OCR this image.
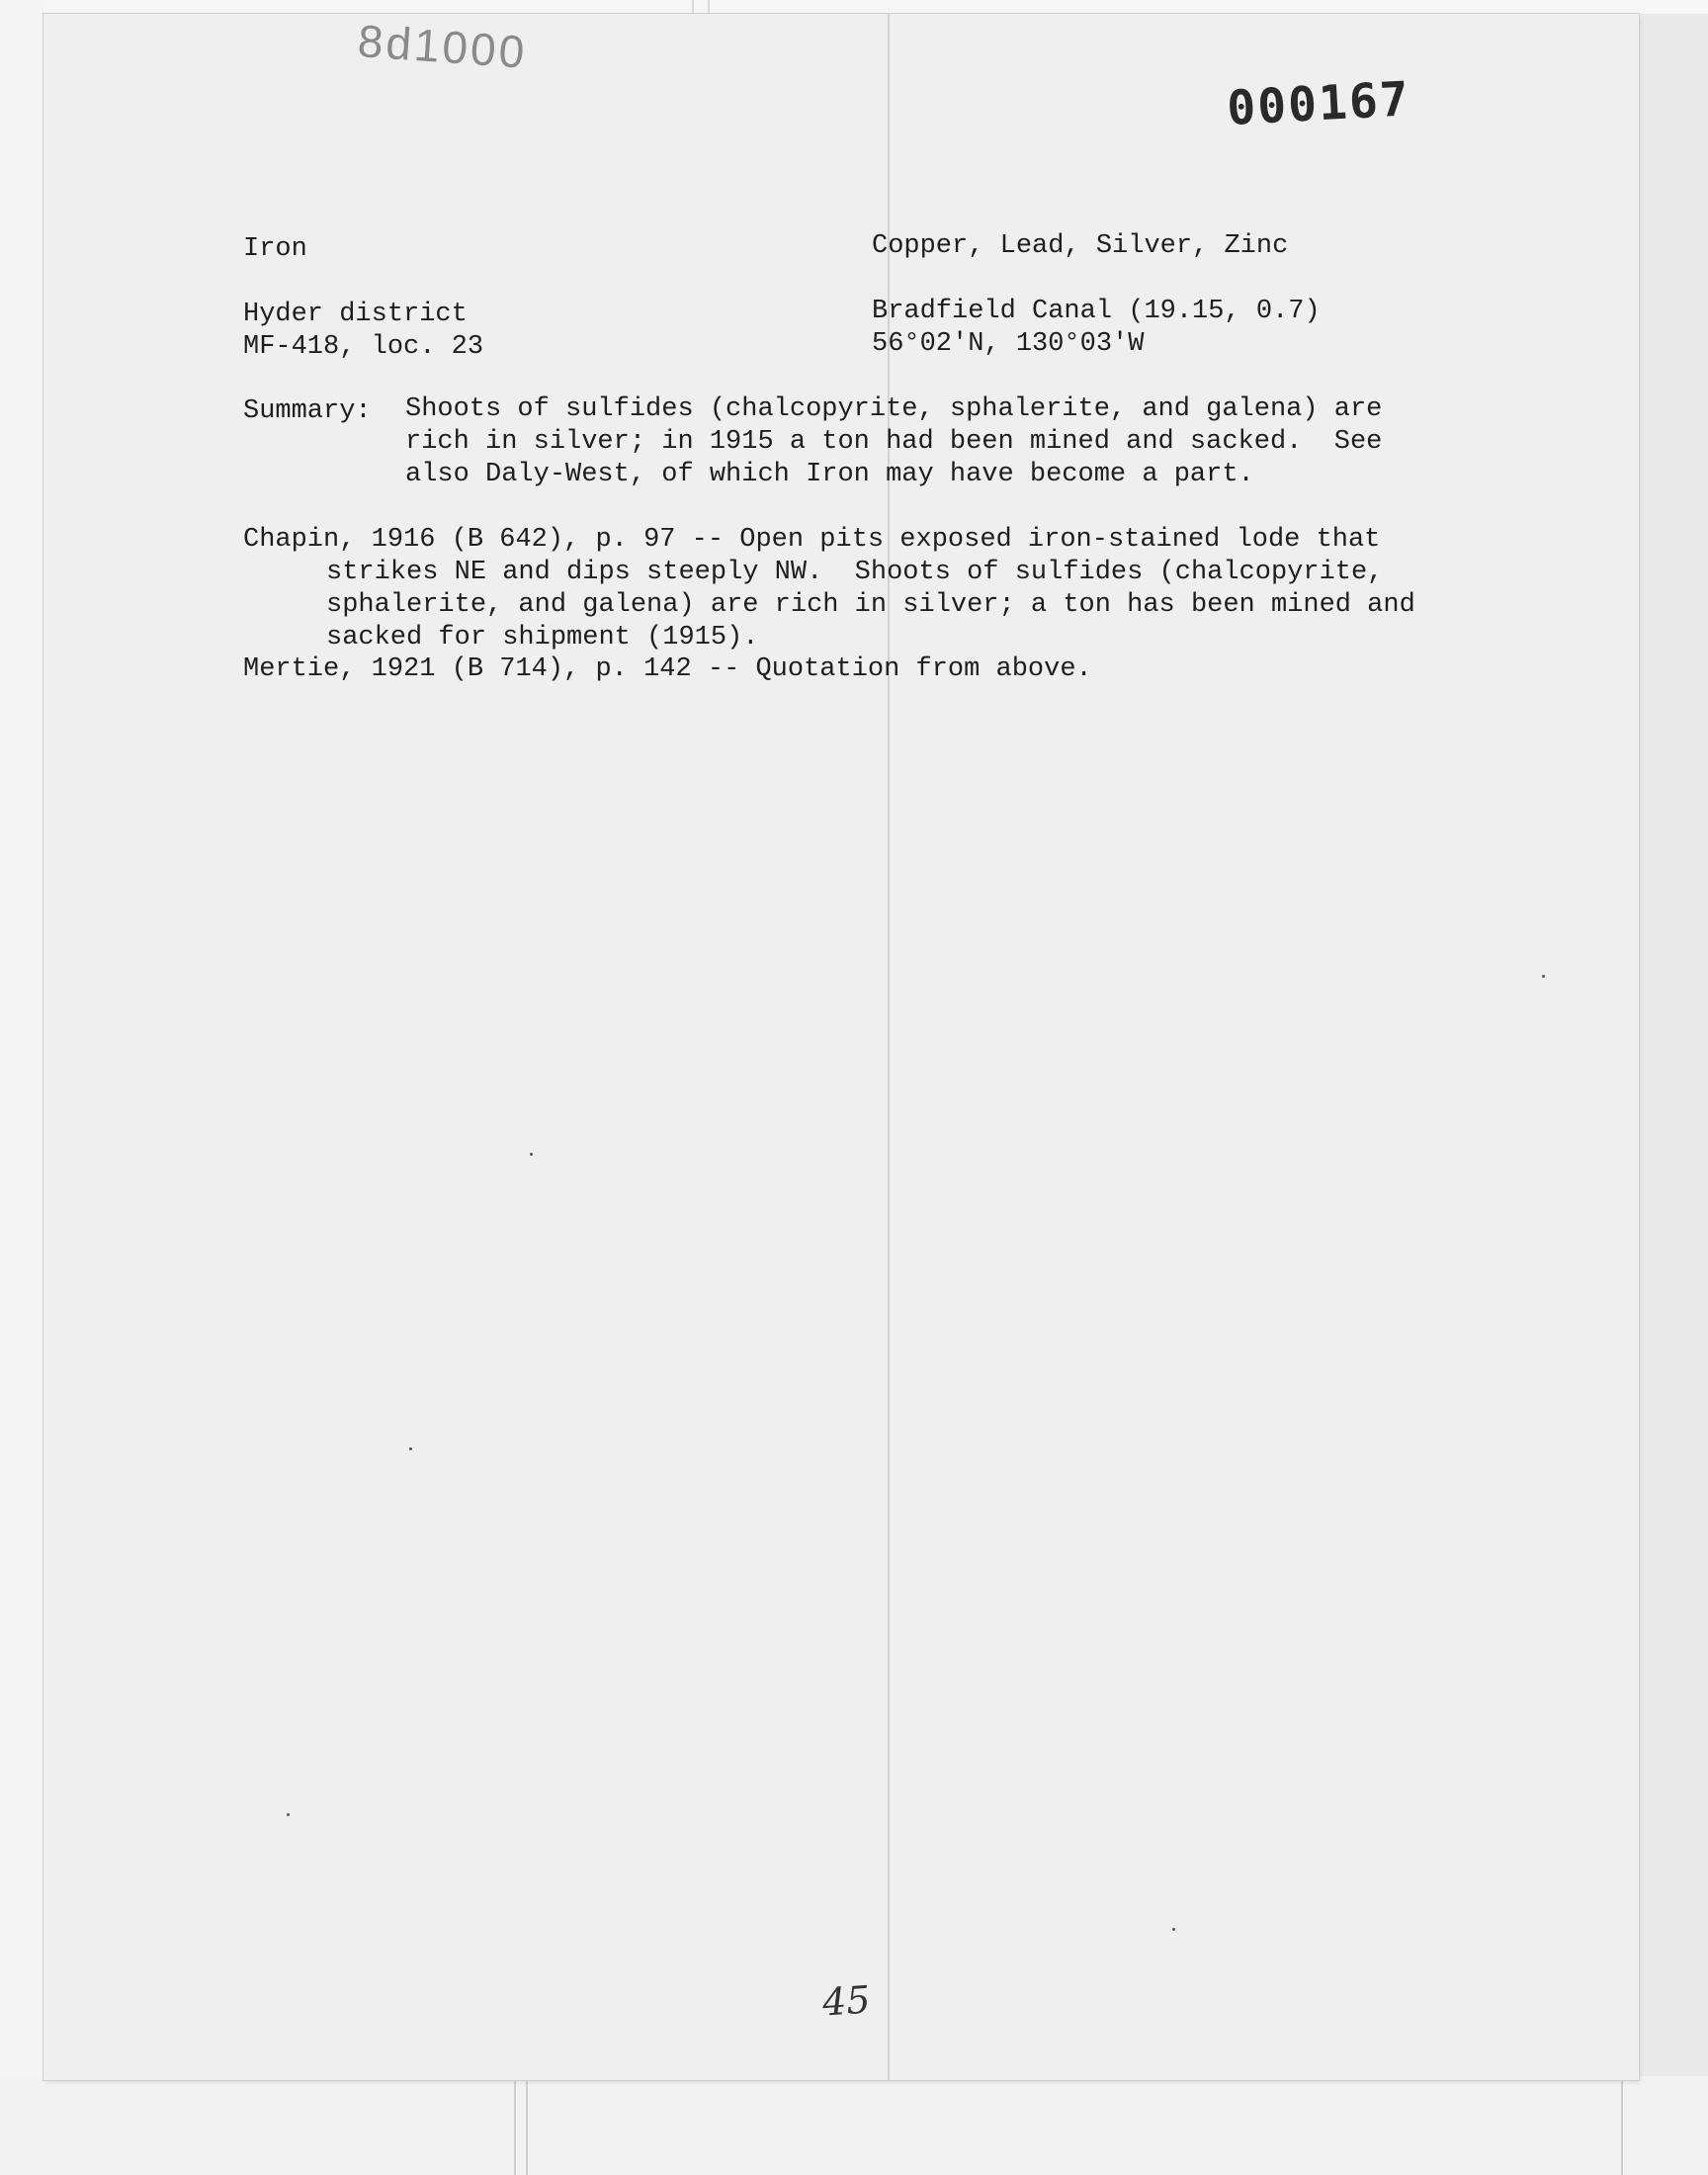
8d1000
000167
Iron	Copper, Lead, Silver, Zinc
Hyder district	Bradfield Canal (19.15, 0.7)
MF-418, loc. 23	56°02'N, 130°03'W
Summary: Shoots of sulfides (chalcopyrite, sphalerite, and galena) are
rich in silver; in 1915 a ton had been mined and sacked.  See
also Daly-West, of which Iron may have become a part.
Chapin, 1916 (B 642), p. 97 -- Open pits exposed iron-stained lode that
strikes NE and dips steeply NW.  Shoots of sulfides (chalcopyrite,
sphalerite, and galena) are rich in silver; a ton has been mined and
sacked for shipment (1915).
Mertie, 1921 (B 714), p. 142 -- Quotation from above.
45
